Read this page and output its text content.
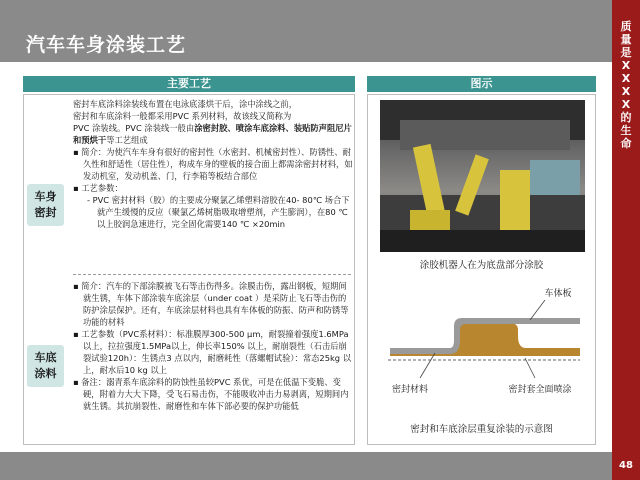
汽车车身涂装工艺
质
量
是
X
X
X
X
的
生
命
48
主要工艺
车身
密封
车底
涂料

密封车底涂料涂装线布置在电泳底漆烘干后，涂中涂线之前，

密封和车底涂料一般都采用PVC 系列材料，故该线又简称为

PVC 涂装线。PVC 涂装线一般由涂密封胶、喷涂车底涂料、装贴防声阻尼片和预烘干等工艺组成

▪ 简介：为使汽车车身有很好的密封性（水密封、机械密封性）、防锈性、耐久性和舒适性（居住性），构成车身的壁板的接合面上都需涂密封材料，如发动机室，发动机盖、门，行李箱等板结合部位

▪ 工艺参数：

- PVC 密封材料（胶）的主要成分聚氯乙烯塑料溶胶在40- 80℃ 场合下就产生缓慢的反应（聚氯乙烯树脂吸取增塑剂，产生膨润），在80 ℃ 以上胶润急速进行，完全固化需要140 ℃ ×20min

▪ 简介：汽车的下部涂膜被飞石等击伤得多。涂膜击伤，露出钢板，短期间就生锈，车体下部涂装车底涂层（under coat ）是采防止飞石等击伤的防护涂层保护。还有，车底涂层材料也具有车体板的防振、防声和防锈等功能的材料

▪ 工艺参数（PVC系材料）：标准膜厚300-500 μm，耐裂撞着强度1.6MPa以上，拉拉强度1.5MPa以上，伸长率150% 以上，耐崩裂性（石击后崩裂试验120h）：生锈点3 点以内，耐磨耗性（落螺帽试验）：常态25kg 以上，耐水后10 kg 以上

▪ 备注：溺青系车底涂料的防蚀性虽较PVC 系优，可是在低温下变脆、变硬，附着力大大下降，受飞石易击伤，不能吸收冲击力易剥离，短期间内就生锈。其抗崩裂性、耐磨性和车体下部必要的保护功能低

图示
涂胶机器人在为底盘部分涂胶
车体板
密封材料	密封套全面喷涂
密封和车底涂层重复涂装的示意图
